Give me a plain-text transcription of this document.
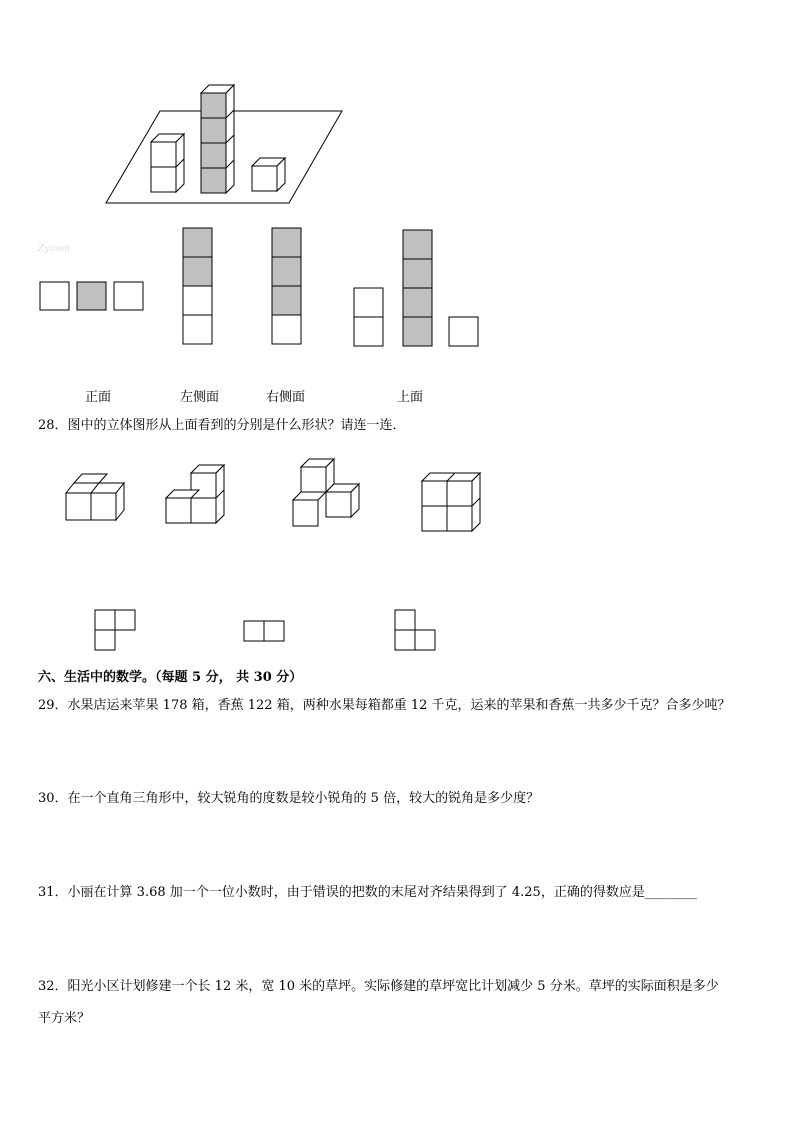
Zy.com
正面	左侧面	右侧面	上面
28．图中的立体图形从上面看到的分别是什么形状？请连一连．
六、生活中的数学。（每题 5 分， 共 30 分）
29．水果店运来苹果 178 箱，香蕉 122 箱，两种水果每箱都重 12 千克，运来的苹果和香蕉一共多少千克？合多少吨？
30．在一个直角三角形中，较大锐角的度数是较小锐角的 5 倍，较大的锐角是多少度？
31．小丽在计算 3.68 加一个一位小数时，由于错误的把数的末尾对齐结果得到了 4.25，正确的得数应是________
32．阳光小区计划修建一个长 12 米，宽 10 米的草坪。实际修建的草坪宽比计划减少 5 分米。草坪的实际面积是多少
平方米？
